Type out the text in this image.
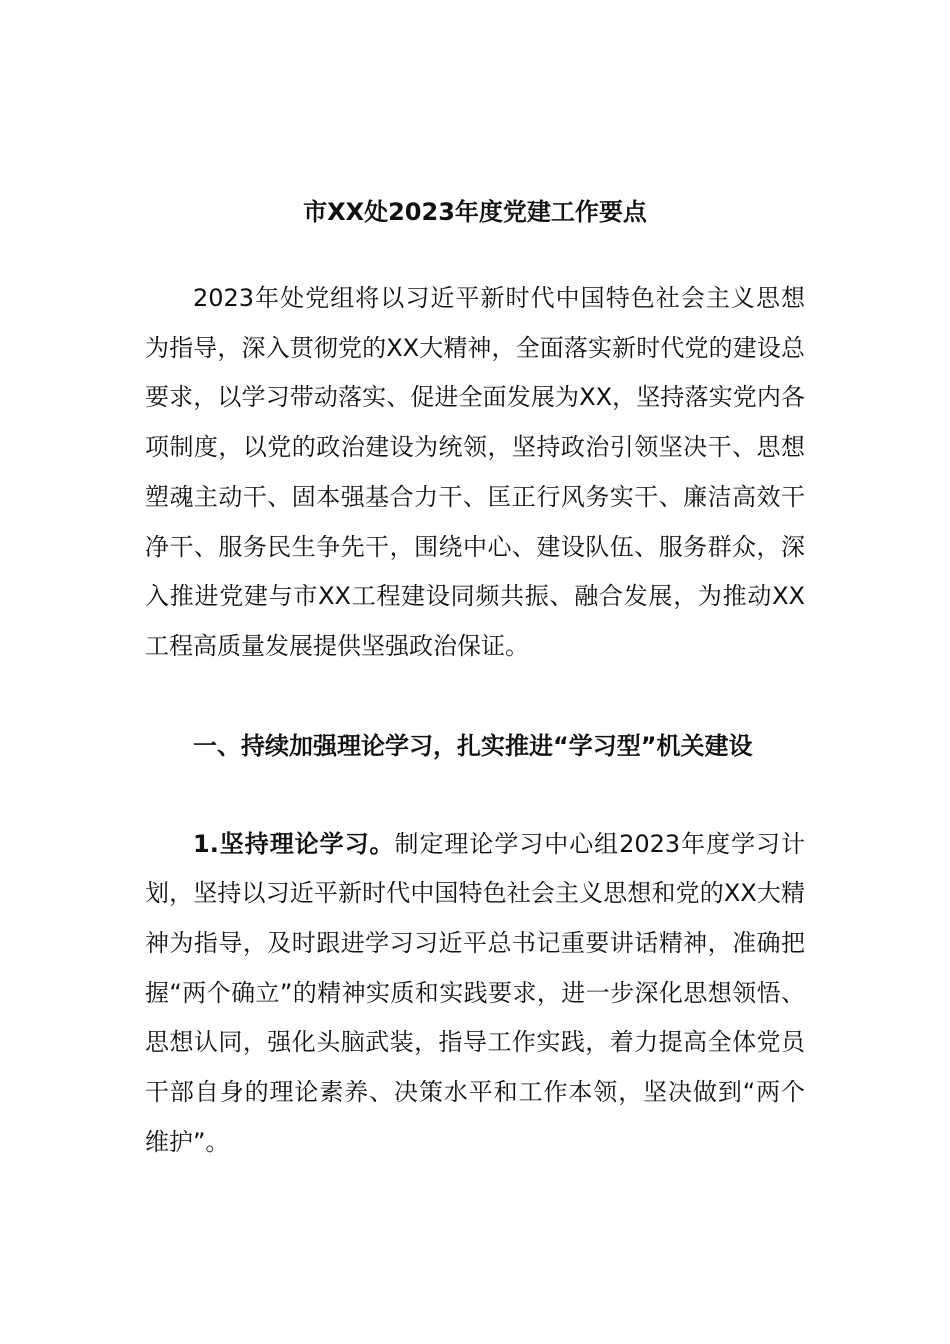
市XX处2023年度党建工作要点

2023年处党组将以习近平新时代中国特色社会主义思想为指导，深入贯彻党的XX大精神，全面落实新时代党的建设总要求，以学习带动落实、促进全面发展为XX，坚持落实党内各项制度，以党的政治建设为统领，坚持政治引领坚决干、思想塑魂主动干、固本强基合力干、匡正行风务实干、廉洁高效干净干、服务民生争先干，围绕中心、建设队伍、服务群众，深入推进党建与市XX工程建设同频共振、融合发展，为推动XX工程高质量发展提供坚强政治保证。

一、持续加强理论学习，扎实推进“学习型”机关建设

1.坚持理论学习。制定理论学习中心组2023年度学习计划，坚持以习近平新时代中国特色社会主义思想和党的XX大精神为指导，及时跟进学习习近平总书记重要讲话精神，准确把握“两个确立”的精神实质和实践要求，进一步深化思想领悟、思想认同，强化头脑武装，指导工作实践，着力提高全体党员干部自身的理论素养、决策水平和工作本领，坚决做到“两个维护”。
